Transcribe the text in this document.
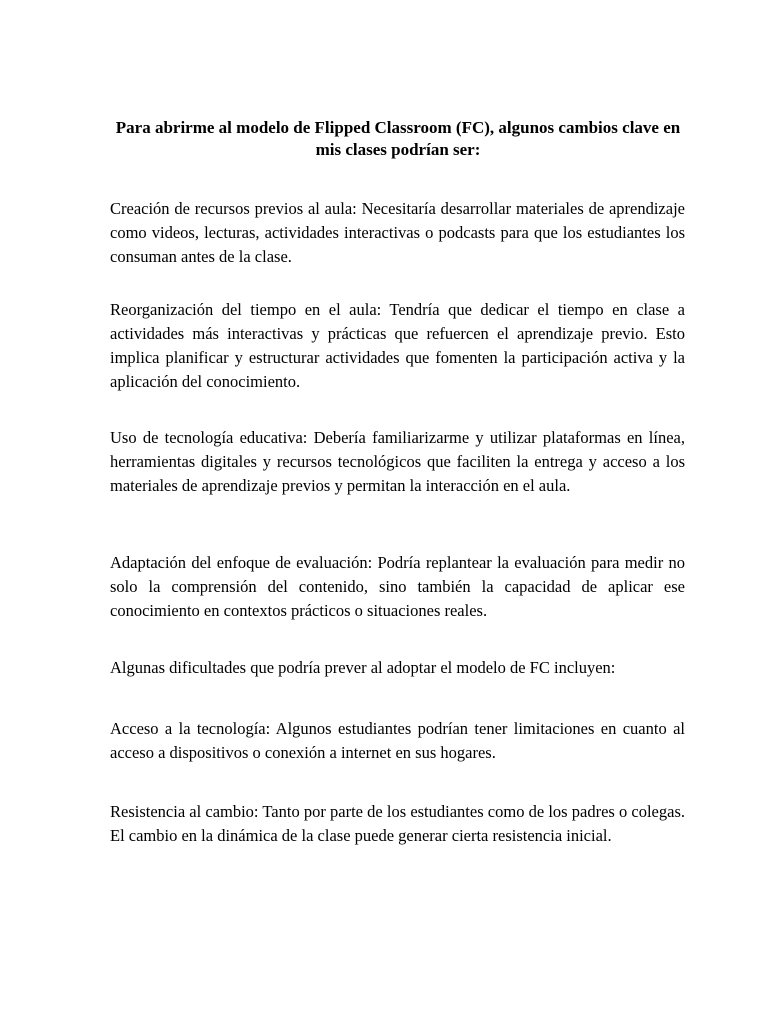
Para abrirme al modelo de Flipped Classroom (FC), algunos cambios clave en mis clases podrían ser:

Creación de recursos previos al aula: Necesitaría desarrollar materiales de aprendizaje como videos, lecturas, actividades interactivas o podcasts para que los estudiantes los consuman antes de la clase.

Reorganización del tiempo en el aula: Tendría que dedicar el tiempo en clase a actividades más interactivas y prácticas que refuercen el aprendizaje previo. Esto implica planificar y estructurar actividades que fomenten la participación activa y la aplicación del conocimiento.

Uso de tecnología educativa: Debería familiarizarme y utilizar plataformas en línea, herramientas digitales y recursos tecnológicos que faciliten la entrega y acceso a los materiales de aprendizaje previos y permitan la interacción en el aula.

Adaptación del enfoque de evaluación: Podría replantear la evaluación para medir no solo la comprensión del contenido, sino también la capacidad de aplicar ese conocimiento en contextos prácticos o situaciones reales.

Algunas dificultades que podría prever al adoptar el modelo de FC incluyen:

Acceso a la tecnología: Algunos estudiantes podrían tener limitaciones en cuanto al acceso a dispositivos o conexión a internet en sus hogares.

Resistencia al cambio: Tanto por parte de los estudiantes como de los padres o colegas. El cambio en la dinámica de la clase puede generar cierta resistencia inicial.
